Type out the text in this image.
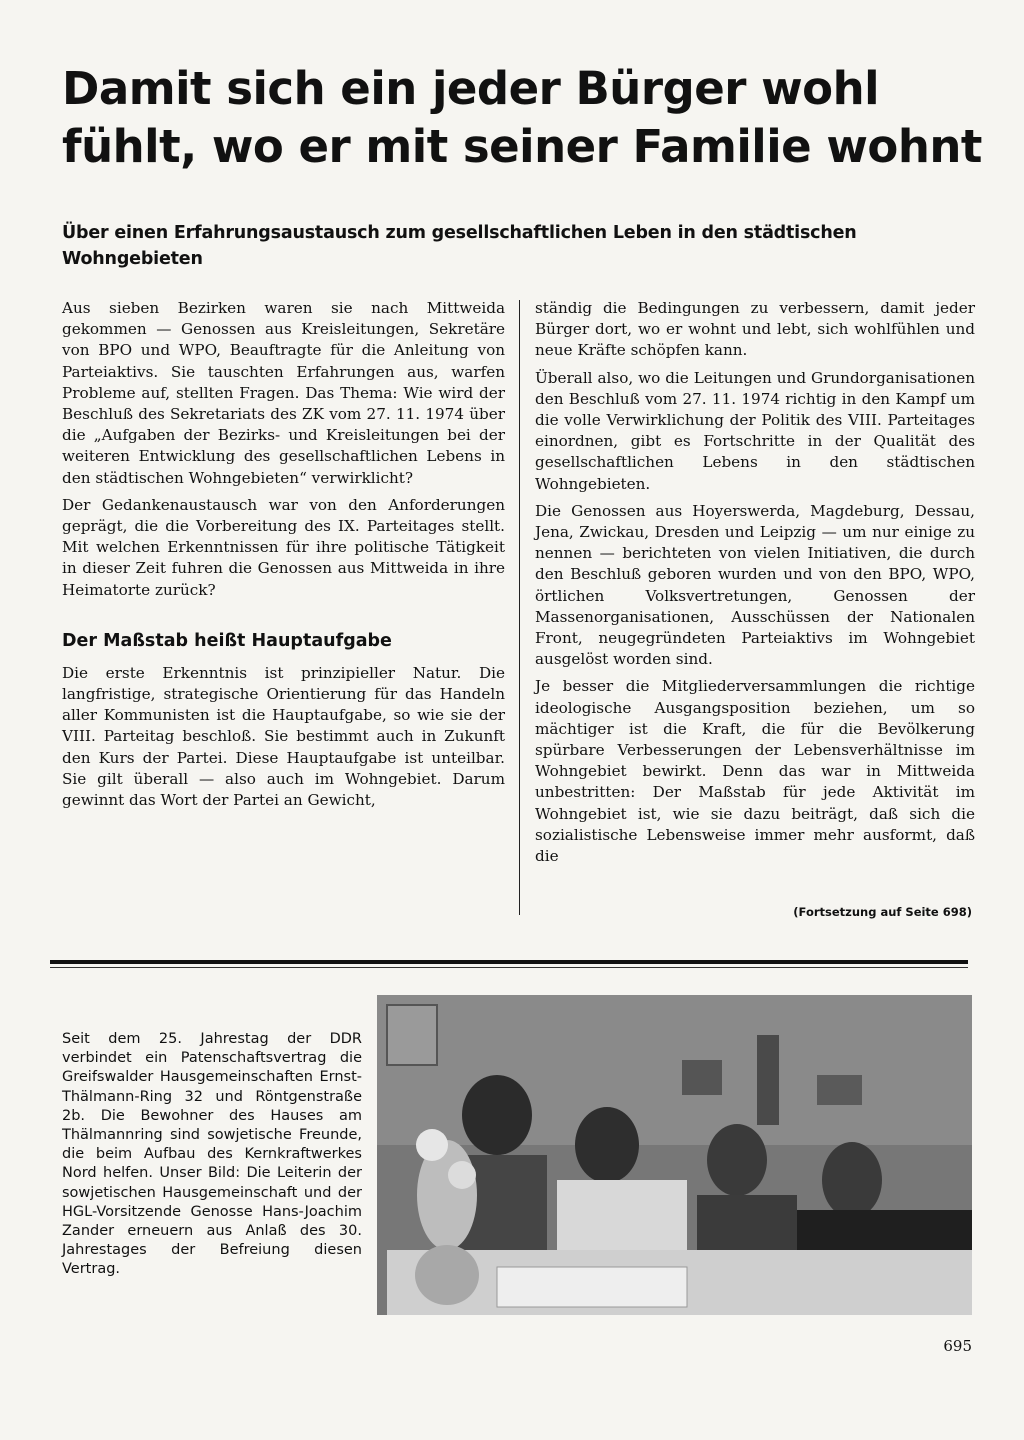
Damit sich ein jeder Bürger wohl fühlt, wo er mit seiner Familie wohnt

Über einen Erfahrungsaustausch zum gesellschaftlichen Leben in den städtischen Wohngebieten

Aus sieben Bezirken waren sie nach Mittweida gekommen — Genossen aus Kreisleitungen, Sekretäre von BPO und WPO, Beauftragte für die Anleitung von Parteiaktivs. Sie tauschten Erfahrungen aus, warfen Probleme auf, stellten Fragen. Das Thema: Wie wird der Beschluß des Sekretariats des ZK vom 27. 11. 1974 über die „Aufgaben der Bezirks- und Kreisleitungen bei der weiteren Entwicklung des gesellschaftlichen Lebens in den städtischen Wohngebieten“ verwirklicht?

Der Gedankenaustausch war von den Anforderungen geprägt, die die Vorbereitung des IX. Parteitages stellt. Mit welchen Erkenntnissen für ihre politische Tätigkeit in dieser Zeit fuhren die Genossen aus Mittweida in ihre Heimatorte zurück?

Der Maßstab heißt Hauptaufgabe

Die erste Erkenntnis ist prinzipieller Natur. Die langfristige, strategische Orientierung für das Handeln aller Kommunisten ist die Hauptaufgabe, so wie sie der VIII. Parteitag beschloß. Sie bestimmt auch in Zukunft den Kurs der Partei. Diese Hauptaufgabe ist unteilbar. Sie gilt überall — also auch im Wohngebiet. Darum gewinnt das Wort der Partei an Gewicht,

ständig die Bedingungen zu verbessern, damit jeder Bürger dort, wo er wohnt und lebt, sich wohlfühlen und neue Kräfte schöpfen kann.

Überall also, wo die Leitungen und Grundorganisationen den Beschluß vom 27. 11. 1974 richtig in den Kampf um die volle Verwirklichung der Politik des VIII. Parteitages einordnen, gibt es Fortschritte in der Qualität des gesellschaftlichen Lebens in den städtischen Wohngebieten.

Die Genossen aus Hoyerswerda, Magdeburg, Dessau, Jena, Zwickau, Dresden und Leipzig — um nur einige zu nennen — berichteten von vielen Initiativen, die durch den Beschluß geboren wurden und von den BPO, WPO, örtlichen Volksvertretungen, Genossen der Massenorganisationen, Ausschüssen der Nationalen Front, neugegründeten Parteiaktivs im Wohngebiet ausgelöst worden sind.

Je besser die Mitgliederversammlungen die richtige ideologische Ausgangsposition beziehen, um so mächtiger ist die Kraft, die für die Bevölkerung spürbare Verbesserungen der Lebensverhältnisse im Wohngebiet bewirkt. Denn das war in Mittweida unbestritten: Der Maßstab für jede Aktivität im Wohngebiet ist, wie sie dazu beiträgt, daß sich die sozialistische Lebensweise immer mehr ausformt, daß die

(Fortsetzung auf Seite 698)

Seit dem 25. Jahrestag der DDR verbindet ein Patenschaftsvertrag die Greifswalder Hausgemeinschaften Ernst-Thälmann-Ring 32 und Röntgenstraße 2b. Die Bewohner des Hauses am Thälmannring sind sowjetische Freunde, die beim Aufbau des Kernkraftwerkes Nord helfen. Unser Bild: Die Leiterin der sowjetischen Hausgemeinschaft und der HGL-Vorsitzende Genosse Hans-Joachim Zander erneuern aus Anlaß des 30. Jahrestages der Befreiung diesen Vertrag.

695
